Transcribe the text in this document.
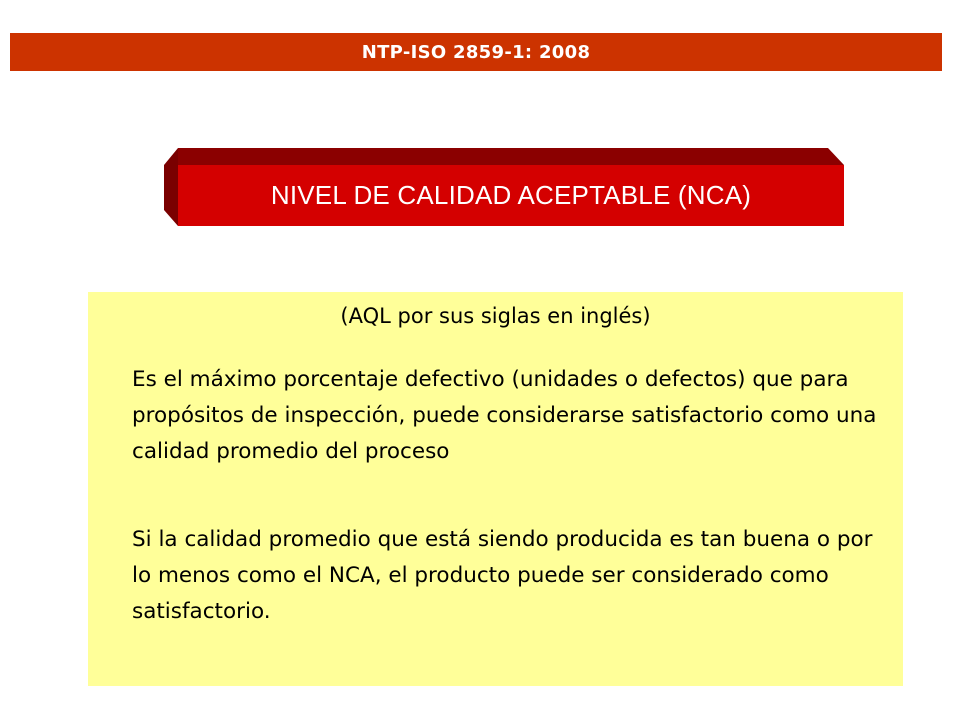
NTP-ISO 2859-1: 2008
NIVEL DE CALIDAD ACEPTABLE (NCA)
(AQL por sus siglas en inglés)
Es el máximo porcentaje defectivo (unidades o defectos) que para propósitos de inspección, puede considerarse satisfactorio como una calidad promedio del proceso
Si la calidad promedio que está siendo producida es tan buena o por lo menos como el NCA, el producto puede ser considerado como satisfactorio.
